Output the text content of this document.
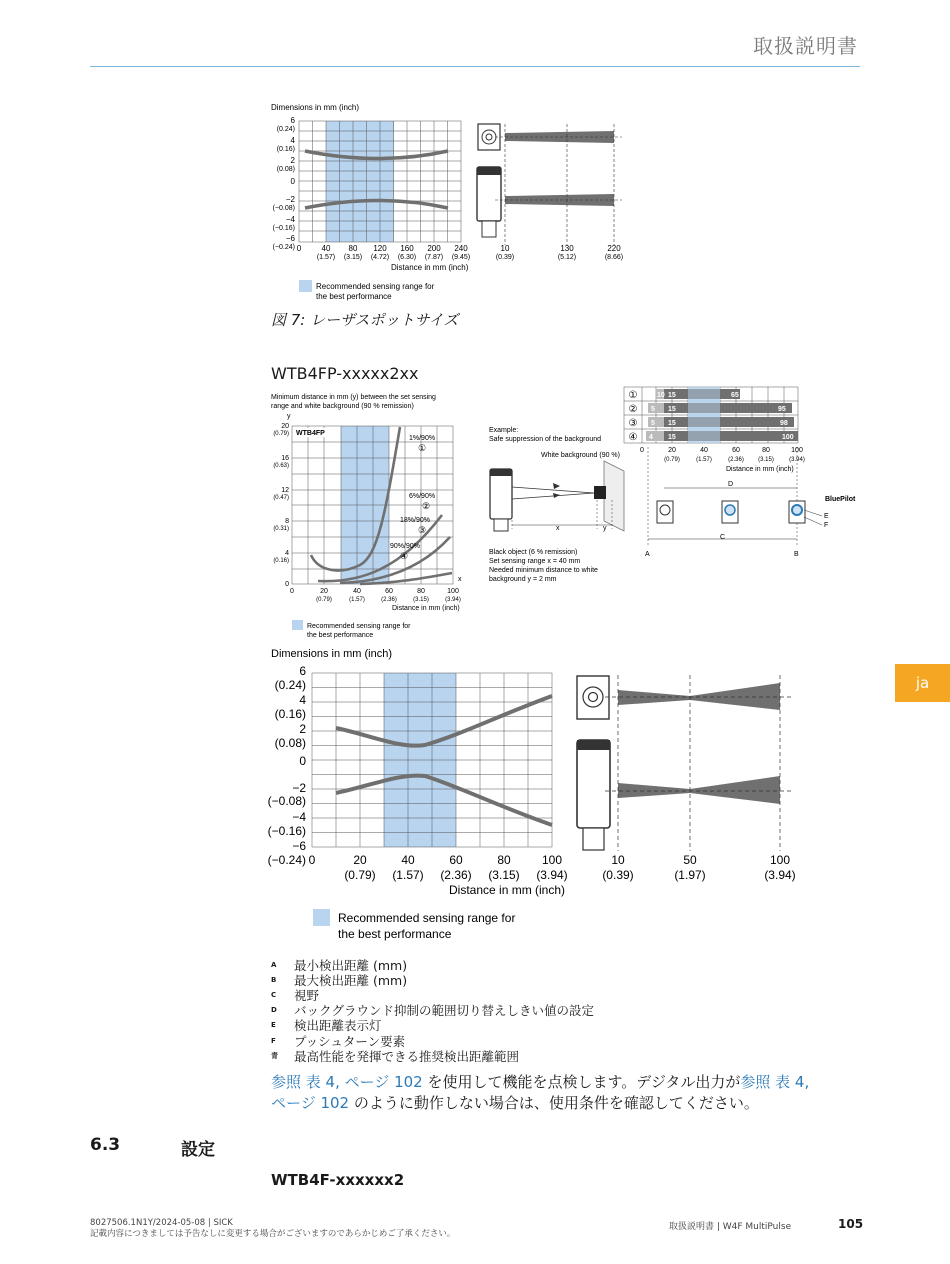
取扱説明書
ja
Dimensions in mm (inch)
6
(0.24)
4
(0.16)
2
(0.08)
0
−2
(−0.08)
−4
(−0.16)
−6
(−0.24) 0	40
(1.57)
80
(3.15)
120
(4.72)
160
(6.30)
200
(7.87)
240
(9.45)
10
(0.39)
130
(5.12)
220
(8.66)
Distance in mm (inch)
Recommended sensing range for
the best performance
図 7: レーザスポットサイズ
WTB4FP-xxxxx2xx
Minimum distance in mm (y) between the set sensing
range and white background (90 % remission)
y
WTB4FP
1%/90%
①
6%/90%
②
18%/90%
③
90%/90%
④
20
(0.79)
16
(0.63)
12
(0.47)
8
(0.31)
4
(0.16)
0
0	20
(0.79)
40
(1.57)
60
(2.36)
80
(3.15)
100
(3.94)
x
Distance in mm (inch)
Recommended sensing range for
the best performance
Example:
Safe suppression of the background
White background (90 %)
x	y
Black object (6 % remission)
Set sensing range x = 40 mm
Needed minimum distance to white
background y = 2 mm
①
②
③
④
10 15	65
5 15	95
5 15	98
4 15	100
0	20
(0.79)
40
(1.57)
60
(2.36)
80
(3.15)
100
(3.94)
Distance in mm (inch)
D
C
A	B
E
F
BluePilot
Dimensions in mm (inch)
6
(0.24)
4
(0.16)
2
(0.08)
0
−2
(−0.08)
−4
(−0.16)
−6
(−0.24) 0	20
(0.79)
40
(1.57)
60
(2.36)
80
(3.15)
100
(3.94)
10
(0.39)
50
(1.97)
100
(3.94)
Distance in mm (inch)
Recommended sensing range for
the best performance
A	最小検出距離 (mm)
B	最大検出距離 (mm)
C	視野
D	バックグラウンド抑制の範囲切り替えしきい値の設定
E	検出距離表示灯
F	プッシュターン要素
青	最高性能を発揮できる推奨検出距離範囲
参照 表 4, ページ 102 を使用して機能を点検します。デジタル出力が参照 表 4,
ページ 102 のように動作しない場合は、使用条件を確認してください。
6.3	設定
WTB4F-xxxxxx2
8027506.1N1Y/2024-05-08 | SICK
記載内容につきましては予告なしに変更する場合がございますのであらかじめご了承ください。
取扱説明書 | W4F MultiPulse	105
